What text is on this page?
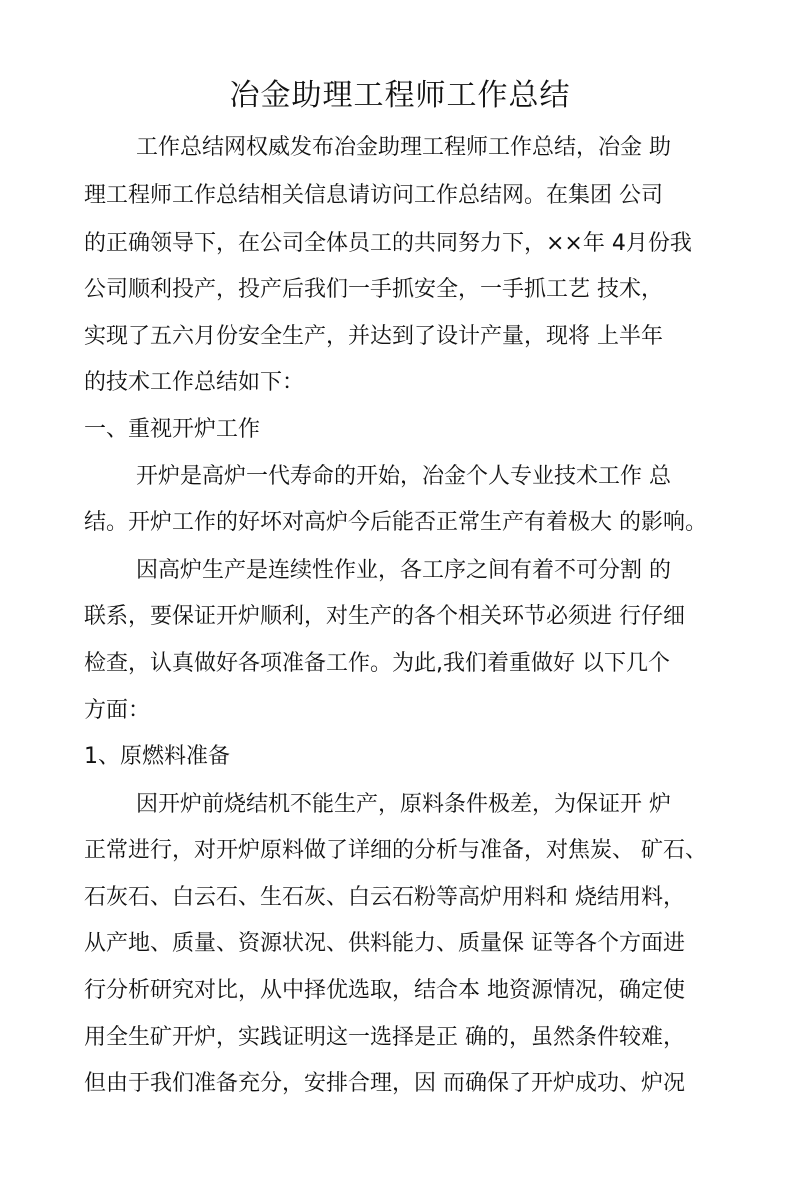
冶金助理工程师工作总结
工作总结网权威发布冶金助理工程师工作总结，冶金 助
理工程师工作总结相关信息请访问工作总结网。在集团 公司
的正确领导下，在公司全体员工的共同努力下，××年 4月份我
公司顺利投产，投产后我们一手抓安全，一手抓工艺 技术，
实现了五六月份安全生产，并达到了设计产量，现将 上半年
的技术工作总结如下：
一、重视开炉工作
开炉是高炉一代寿命的开始，冶金个人专业技术工作 总
结。开炉工作的好坏对高炉今后能否正常生产有着极大 的影响。
因高炉生产是连续性作业，各工序之间有着不可分割 的
联系，要保证开炉顺利，对生产的各个相关环节必须进 行仔细
检查，认真做好各项准备工作。为此,我们着重做好 以下几个
方面：
1、原燃料准备
因开炉前烧结机不能生产，原料条件极差，为保证开 炉
正常进行，对开炉原料做了详细的分析与准备，对焦炭、 矿石、
石灰石、白云石、生石灰、白云石粉等高炉用料和 烧结用料，
从产地、质量、资源状况、供料能力、质量保 证等各个方面进
行分析研究对比，从中择优选取，结合本 地资源情况，确定使
用全生矿开炉，实践证明这一选择是正 确的，虽然条件较难，
但由于我们准备充分，安排合理，因 而确保了开炉成功、炉况
